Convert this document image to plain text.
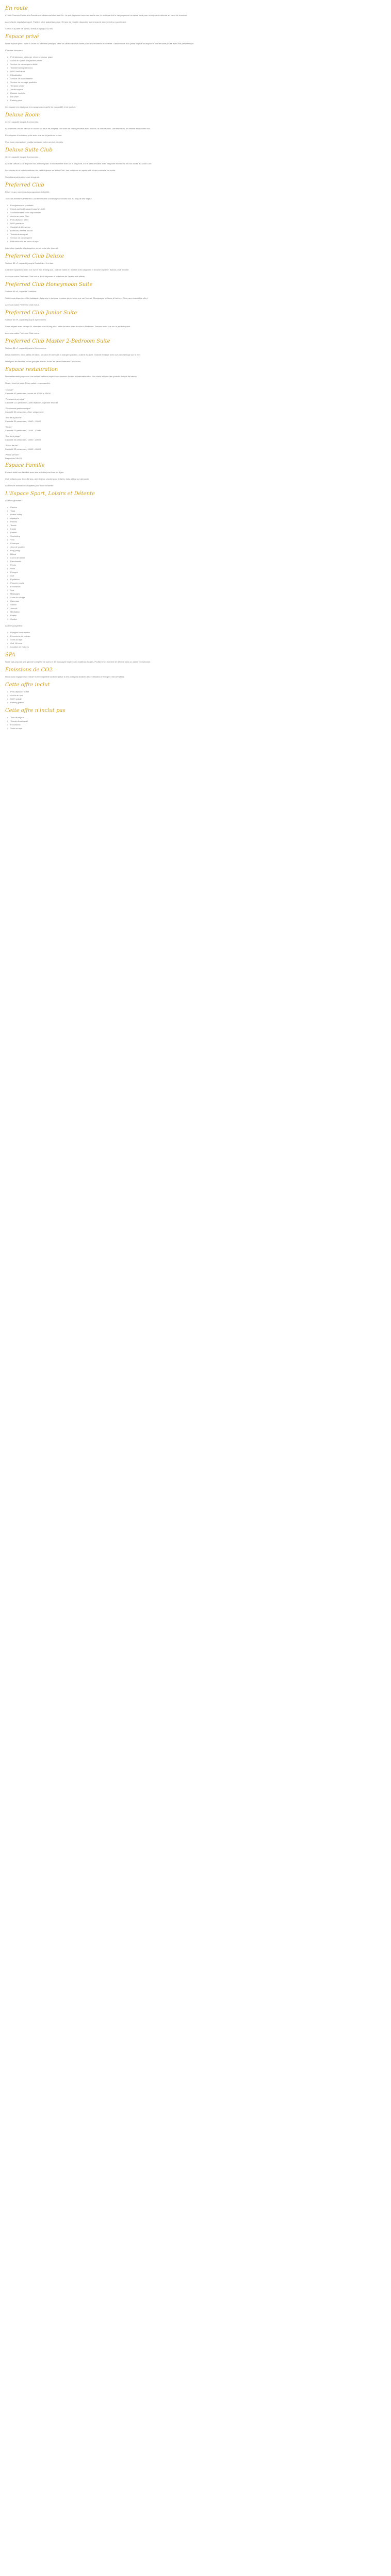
En route
L'Hôtel Cosmos Pointe-à-la-Dorade est idéalement situé sur l'île. Le spa, la piscine avec vue sur la mer, le restaurant et le bar proposent un cadre idéal pour un séjour de détente au cœur de la nature.
Accès facile depuis l'aéroport. Parking privé gratuit sur place. Service de navette disponible sur demande moyennant un supplément.
Check-in à partir de 15h00, check-out jusqu'à 11h00.
Espace privé
Notre espace privé, niché à l'écart du bâtiment principal, offre un cadre calme et intime pour des moments de détente. Il est entouré d'un jardin tropical et dispose d'une terrasse privée avec vue panoramique.
L'espace comprend :
• Petit déjeuner, déjeuner, dîner servis sur place
• Accès au spa et à la piscine privée
• Service de conciergerie dédié
• Transfert aéroport inclus
• Wi-Fi haut débit
• Climatisation
• Service de blanchisserie
• Service de ménage quotidien
• Terrasse privée
• Jardin tropical
• Cuisine équipée
• Bar privé
• Parking privé
Cet espace est idéal pour les voyageurs en quête de tranquillité et de confort.
Deluxe Room
23 m², capacité jusqu'à 2 personnes.
La chambre Deluxe offre un lit double ou deux lits simples, une salle de bains privative avec douche, la climatisation, une télévision, un minibar et un coffre-fort.
Elle dispose d'un balcon privé avec vue sur le jardin ou la mer.
Pour toute réservation, veuillez contacter notre service clientèle.
Deluxe Suite Club
38 m², capacité jusqu'à 3 personnes.
La suite Deluxe Club dispose d'un salon séparé, d'une chambre avec un lit king-size, d'une salle de bains avec baignoire et douche, et d'un accès au salon Club.
Les clients de la suite bénéficient du petit-déjeuner au salon Club, des collations en après-midi et des cocktails en soirée.
Conditions particulières sur demande.
Preferred Club
Réservé aux membres du programme de fidélité.
Tous nos membres Preferred Club bénéficient d'avantages exclusifs tout au long de leur séjour.
• Enregistrement prioritaire
• Check-out tardif garanti jusqu'à 14h00
• Surclassement selon disponibilité
• Accès au salon Club
• Petit-déjeuner offert
• Wi-Fi premium
• Cocktail de bienvenue
• Boissons offertes au bar
• Transferts aéroport
• Service de conciergerie
• Réduction sur les soins du spa
Inscription gratuite à la réception ou sur notre site internet.
Preferred Club Deluxe
Surface 32 m², capacité jusqu'à 2 adultes et 1 enfant.
Chambre spacieuse avec vue sur la mer, lit king-size, salle de bains en marbre avec baignoire et douche séparée. Balcon privé meublé.
Accès au salon Preferred Club inclus. Petit-déjeuner et collations de l'après-midi offerts.
Preferred Club Honeymoon Suite
Surface 45 m², capacité 2 adultes.
Suite romantique avec lit à baldaquin, baignoire à remous, terrasse privée avec vue sur l'océan. Champagne et fleurs à l'arrivée. Dîner aux chandelles offert.
Accès au salon Preferred Club inclus.
Preferred Club Junior Suite
Surface 40 m², capacité jusqu'à 3 personnes.
Salon séparé avec canapé-lit, chambre avec lit king-size, salle de bains avec douche à l'italienne. Terrasse avec vue sur le jardin tropical.
Accès au salon Preferred Club inclus.
Preferred Club Master 2-Bedroom Suite
Surface 85 m², capacité jusqu'à 5 personnes.
Deux chambres, deux salles de bains, un salon et une salle à manger spacieux, cuisine équipée. Grande terrasse avec vue panoramique sur la mer.
Idéal pour les familles ou les groupes d'amis. Accès au salon Preferred Club inclus.
Espace restauration
Nos restaurants proposent une cuisine raffinée inspirée des saveurs locales et internationales. Nos chefs utilisent des produits frais et de saison.
Ouvert tous les jours. Réservation recommandée.
"Lounge"
Capacité 40 personnes, ouvert de 10h00 à 23h00
"Restaurant principal"
Capacité 120 personnes, petit-déjeuner, déjeuner et dîner
"Restaurant gastronomique"
Capacité 50 personnes, dîner uniquement
"Bar de la piscine"
Capacité 30 personnes, 10h00 - 19h00
"Snack"
Capacité 20 personnes, 11h00 - 17h00
"Bar de la plage"
Capacité 25 personnes, 10h00 - 20h00
"Salon de thé"
Capacité 25 personnes, 14h00 - 18h00
"Room service"
Disponible 24h/24
Espace Famille
Espace dédié aux familles avec des activités pour tous les âges.
Club enfants pour les 4-12 ans, aire de jeux, piscine pour enfants, baby-sitting sur demande.
Activités et animations adaptées pour toute la famille.
L'Espace Sport, Loisirs et Détente
Activités gratuites :
• Piscine
• Yoga
• Beach volley
• Aquagym
• Fitness
• Tennis
• Kayak
• Paddle
• Snorkeling
• Vélo
• Pétanque
• Jeux de société
• Ping-pong
• Billard
• Cours de danse
• Randonnée
• Pêche
• Voile
• Plongée
• Golf
• Équitation
• Planche à voile
• Excursions
• Spa
• Massages
• Soins du visage
• Hammam
• Sauna
• Jacuzzi
• Méditation
• Pilates
• Zumba
Activités payantes :
• Plongée sous-marine
• Excursions en bateau
• Soins au spa
• Golf 18 trous
• Location de voitures
SPA
Notre spa propose une gamme complète de soins et de massages inspirés des traditions locales. Profitez d'un moment de détente dans un cadre exceptionnel.
Émissions de CO2
Nous nous engageons à réduire notre empreinte carbone grâce à des pratiques durables et à l'utilisation d'énergies renouvelables.
Cette offre inclut
• Petit-déjeuner buffet
• Accès au spa
• Wi-Fi gratuit
• Parking gratuit
Cette offre n'inclut pas
• Taxe de séjour
• Transferts aéroport
• Excursions
• Soins au spa
